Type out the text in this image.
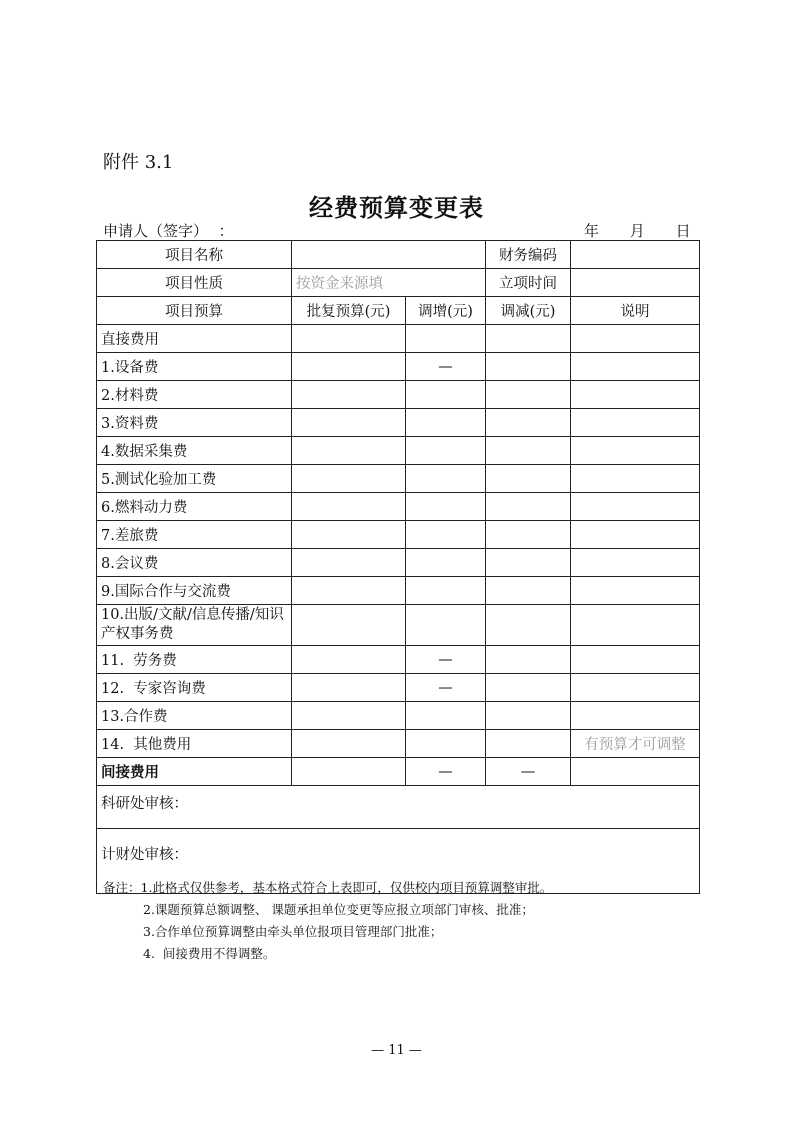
附件 3.1
经费预算变更表
申请人（签字） ：	年 月 日
项目名称			财务编码	
项目性质	按资金来源填		立项时间	
项目预算	批复预算(元)	调增(元)	调减(元)	说明
直接费用				
1.设备费		—		
2.材料费				
3.资料费				
4.数据采集费				
5.测试化验加工费				
6.燃料动力费				
7.差旅费				
8.会议费				
9.国际合作与交流费				
10.出版/文献/信息传播/知识产权事务费				
11.  劳务费		—		
12.  专家咨询费		—		
13.合作费				
14.  其他费用				有预算才可调整
间接费用		—	—	
科研处审核：				
计财处审核：				
备注：1.此格式仅供参考，基本格式符合上表即可，仅供校内项目预算调整审批。
2.课题预算总额调整、 课题承担单位变更等应报立项部门审核、批准；
3.合作单位预算调整由牵头单位报项目管理部门批准；
4.  间接费用不得调整。
— 11 —
